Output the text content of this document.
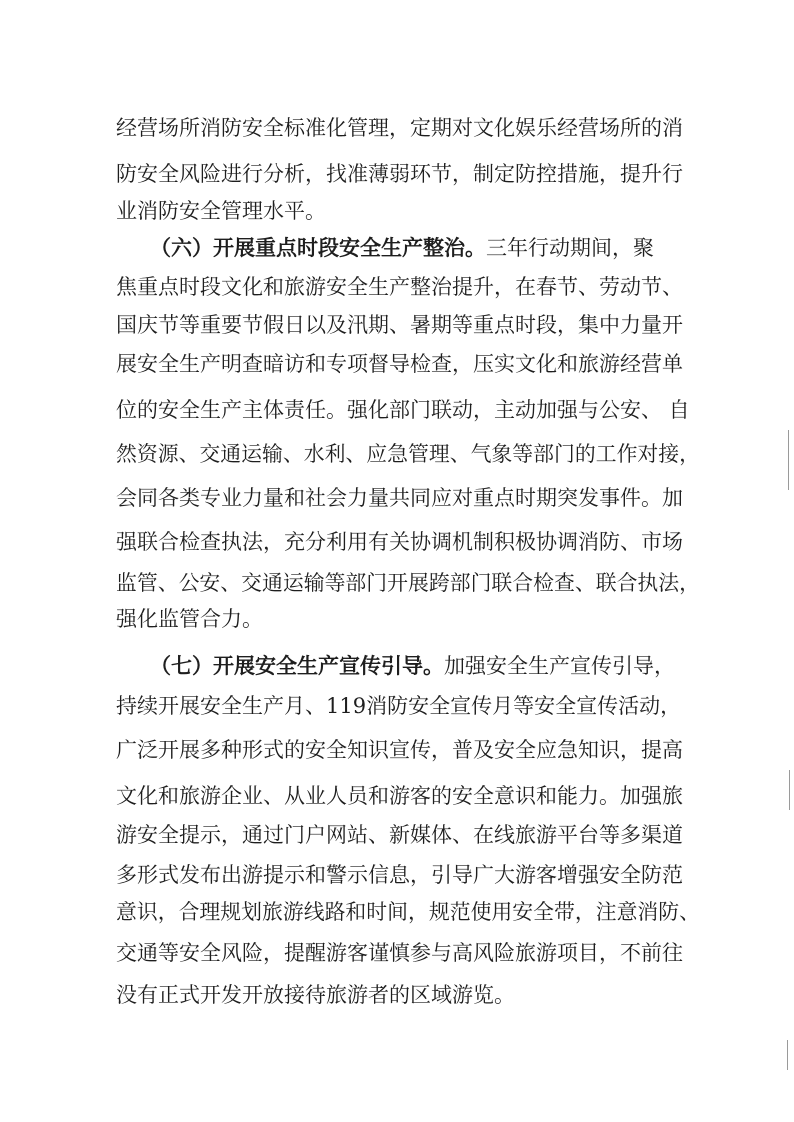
经营场所消防安全标准化管理，定期对文化娱乐经营场所的消
防安全风险进行分析，找准薄弱环节，制定防控措施，提升行
业消防安全管理水平。
（六）开展重点时段安全生产整治。三年行动期间，聚
焦重点时段文化和旅游安全生产整治提升，在春节、劳动节、
国庆节等重要节假日以及汛期、暑期等重点时段，集中力量开
展安全生产明查暗访和专项督导检查，压实文化和旅游经营单
位的安全生产主体责任。强化部门联动，主动加强与公安、 自
然资源、交通运输、水利、应急管理、气象等部门的工作对接，
会同各类专业力量和社会力量共同应对重点时期突发事件。加
强联合检查执法，充分利用有关协调机制积极协调消防、市场
监管、公安、交通运输等部门开展跨部门联合检查、联合执法，
强化监管合力。
（七）开展安全生产宣传引导。加强安全生产宣传引导，
持续开展安全生产月、119消防安全宣传月等安全宣传活动，
广泛开展多种形式的安全知识宣传，普及安全应急知识，提高
文化和旅游企业、从业人员和游客的安全意识和能力。加强旅
游安全提示，通过门户网站、新媒体、在线旅游平台等多渠道
多形式发布出游提示和警示信息，引导广大游客增强安全防范
意识，合理规划旅游线路和时间，规范使用安全带，注意消防、
交通等安全风险，提醒游客谨慎参与高风险旅游项目，不前往
没有正式开发开放接待旅游者的区域游览。
